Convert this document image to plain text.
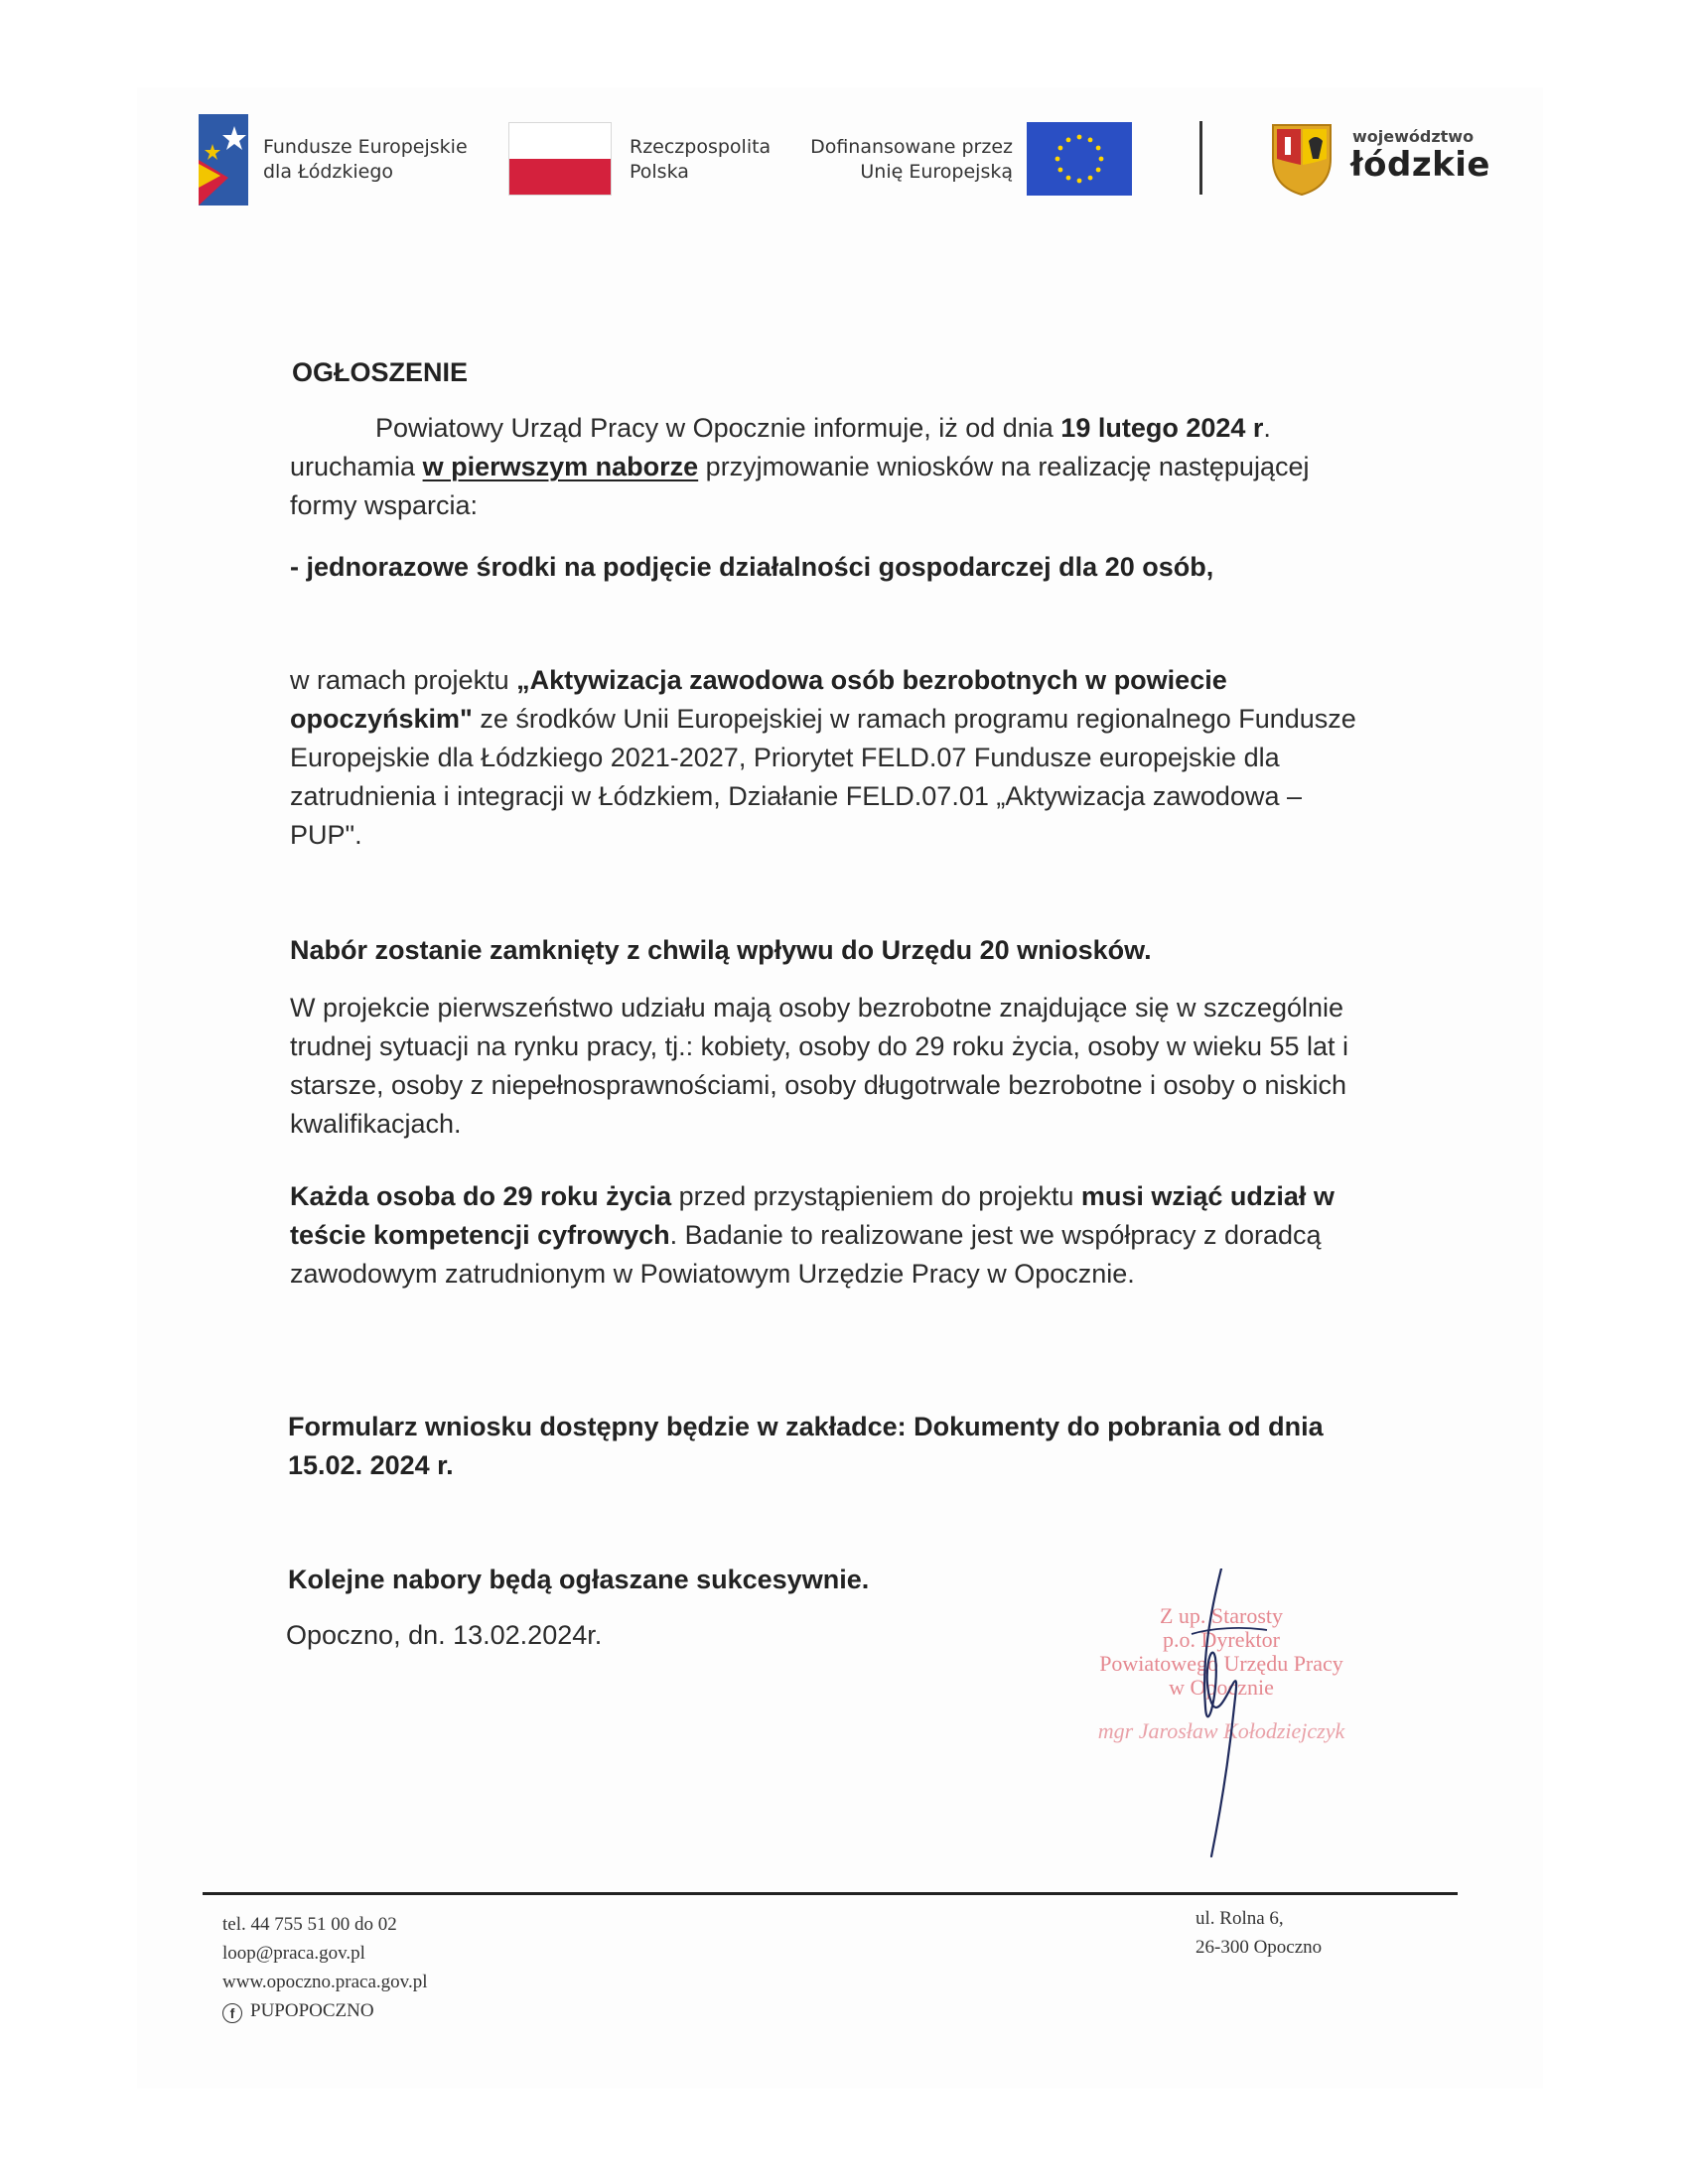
Fundusze Europejskie
dla Łódzkiego
Rzeczpospolita
Polska
Dofinansowane przez
Unię Europejską
województwo
łódzkie
OGŁOSZENIE
Powiatowy Urząd Pracy w Opocznie informuje, iż od dnia 19 lutego 2024 r. uruchamia w pierwszym naborze przyjmowanie wniosków na realizację następującej formy wsparcia:
- jednorazowe środki na podjęcie działalności gospodarczej dla 20 osób,
w ramach projektu „Aktywizacja zawodowa osób bezrobotnych w powiecie opoczyńskim" ze środków Unii Europejskiej w ramach programu regionalnego Fundusze Europejskie dla Łódzkiego 2021-2027, Priorytet FELD.07 Fundusze europejskie dla zatrudnienia i integracji w Łódzkiem, Działanie FELD.07.01 „Aktywizacja zawodowa – PUP".
Nabór zostanie zamknięty z chwilą wpływu do Urzędu 20 wniosków.
W projekcie pierwszeństwo udziału mają osoby bezrobotne znajdujące się w szczególnie trudnej sytuacji na rynku pracy, tj.: kobiety, osoby do 29 roku życia, osoby w wieku 55 lat i starsze, osoby z niepełnosprawnościami, osoby długotrwale bezrobotne i osoby o niskich kwalifikacjach.
Każda osoba do 29 roku życia przed przystąpieniem do projektu musi wziąć udział w teście kompetencji cyfrowych. Badanie to realizowane jest we współpracy z doradcą zawodowym zatrudnionym w Powiatowym Urzędzie Pracy w Opocznie.
Formularz wniosku dostępny będzie w zakładce: Dokumenty do pobrania od dnia 15.02. 2024 r.
Kolejne nabory będą ogłaszane sukcesywnie.
Opoczno, dn. 13.02.2024r.
Z up. Starosty
p.o. Dyrektor
Powiatowego Urzędu Pracy
w Opocznie
mgr Jarosław Kołodziejczyk
tel. 44 755 51 00 do 02
loop@praca.gov.pl
www.opoczno.praca.gov.pl
f PUPOPOCZNO
ul. Rolna 6,
26-300 Opoczno
